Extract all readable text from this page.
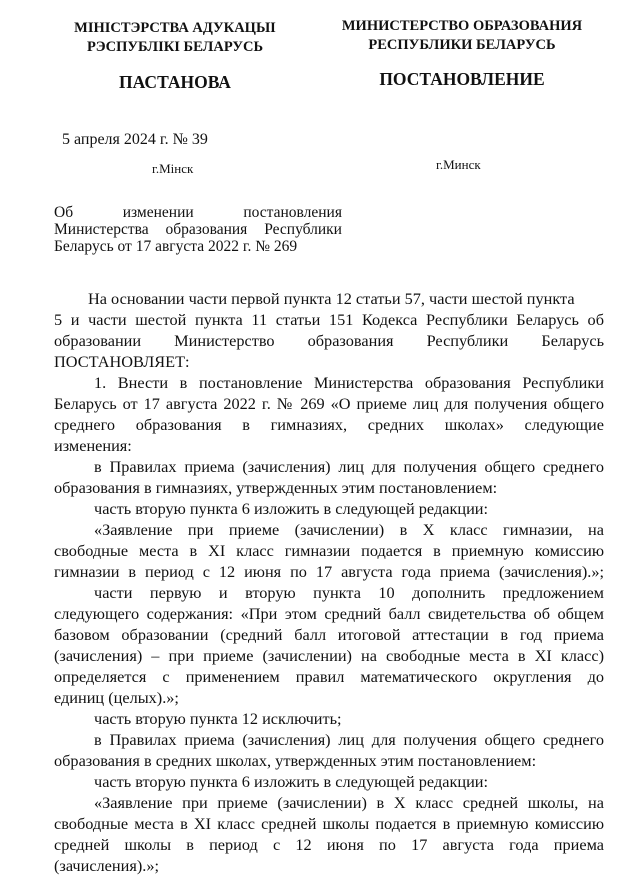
МІНІСТЭРСТВА АДУКАЦЫІ
РЭСПУБЛІКІ БЕЛАРУСЬ
МИНИСТЕРСТВО ОБРАЗОВАНИЯ
РЕСПУБЛИКИ БЕЛАРУСЬ
ПАСТАНОВА	ПОСТАНОВЛЕНИЕ
5 апреля 2024 г. № 39
г.Мінск	г.Минск
Об	изменении	постановления
Министерства образования Республики
Беларусь от 17 августа 2022 г. № 269
На основании части первой пункта 12 статьи 57, части шестой пункта
5 и части шестой пункта 11 статьи 151 Кодекса Республики Беларусь об
образовании Министерство образования Республики Беларусь
ПОСТАНОВЛЯЕТ:
1. Внести в постановление Министерства образования Республики
Беларусь от 17 августа 2022 г. № 269 «О приеме лиц для получения общего
среднего образования в гимназиях, средних школах» следующие
изменения:
в Правилах приема (зачисления) лиц для получения общего среднего
образования в гимназиях, утвержденных этим постановлением:
часть вторую пункта 6 изложить в следующей редакции:
«Заявление при приеме (зачислении) в X класс гимназии, на
свободные места в XI класс гимназии подается в приемную комиссию
гимназии в период с 12 июня по 17 августа года приема (зачисления).»;
части первую и вторую пункта 10 дополнить предложением
следующего содержания: «При этом средний балл свидетельства об общем
базовом образовании (средний балл итоговой аттестации в год приема
(зачисления) – при приеме (зачислении) на свободные места в XI класс)
определяется с применением правил математического округления до
единиц (целых).»;
часть вторую пункта 12 исключить;
в Правилах приема (зачисления) лиц для получения общего среднего
образования в средних школах, утвержденных этим постановлением:
часть вторую пункта 6 изложить в следующей редакции:
«Заявление при приеме (зачислении) в X класс средней школы, на
свободные места в XI класс средней школы подается в приемную комиссию
средней школы в период с 12 июня по 17 августа года приема
(зачисления).»;
